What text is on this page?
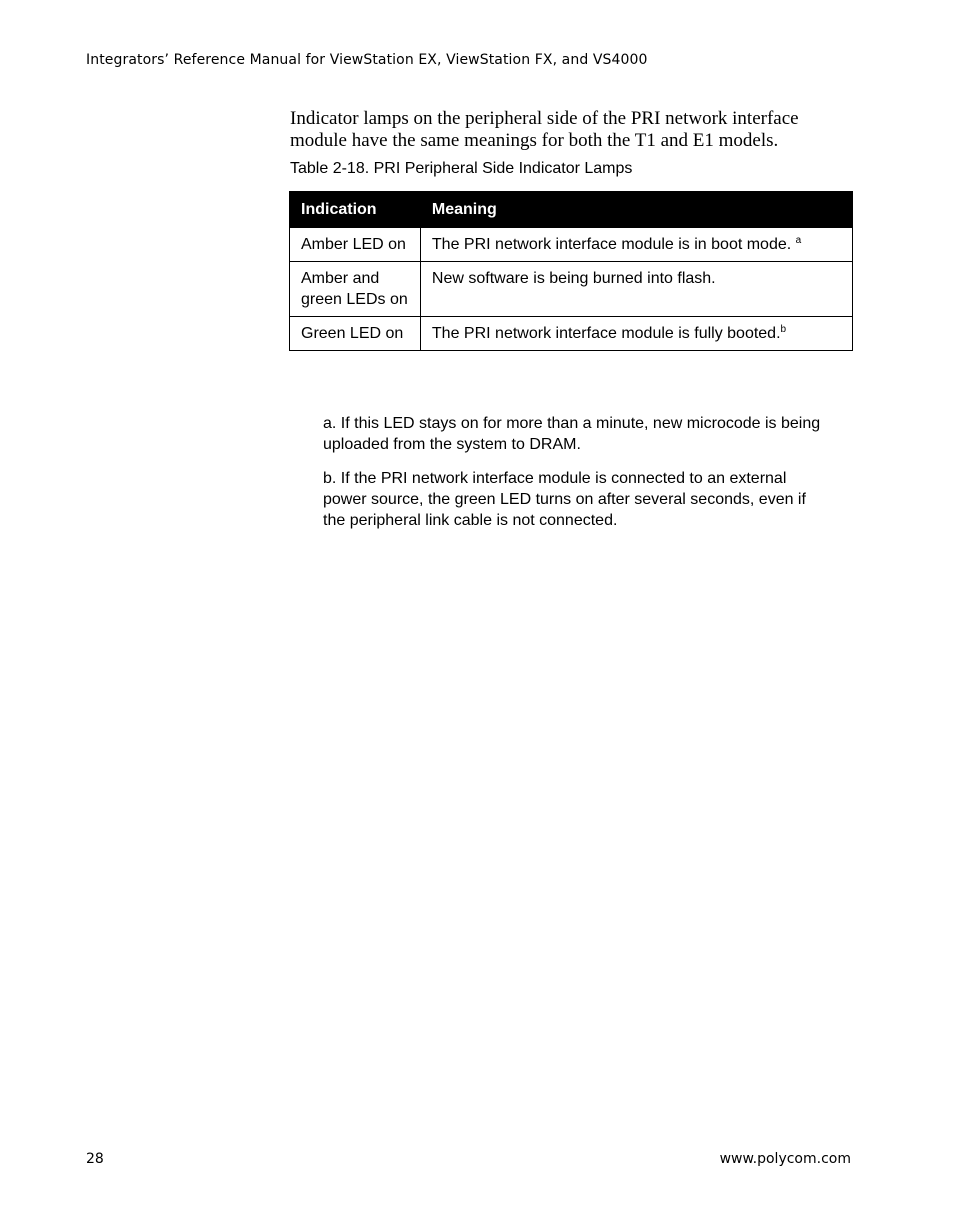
Integrators’ Reference Manual for ViewStation EX, ViewStation FX, and VS4000
Indicator lamps on the peripheral side of the PRI network interface module have the same meanings for both the T1 and E1 models.
Table 2-18. PRI Peripheral Side Indicator Lamps
Indication	Meaning
Amber LED on	The PRI network interface module is in boot mode. $^a$
Amber and green LEDs on	New software is being burned into flash.
Green LED on	The PRI network interface module is fully booted.$^b$

a. If this LED stays on for more than a minute, new microcode is being uploaded from the system to DRAM.

b. If the PRI network interface module is connected to an external power source, the green LED turns on after several seconds, even if the peripheral link cable is not connected.

28	www.polycom.com
